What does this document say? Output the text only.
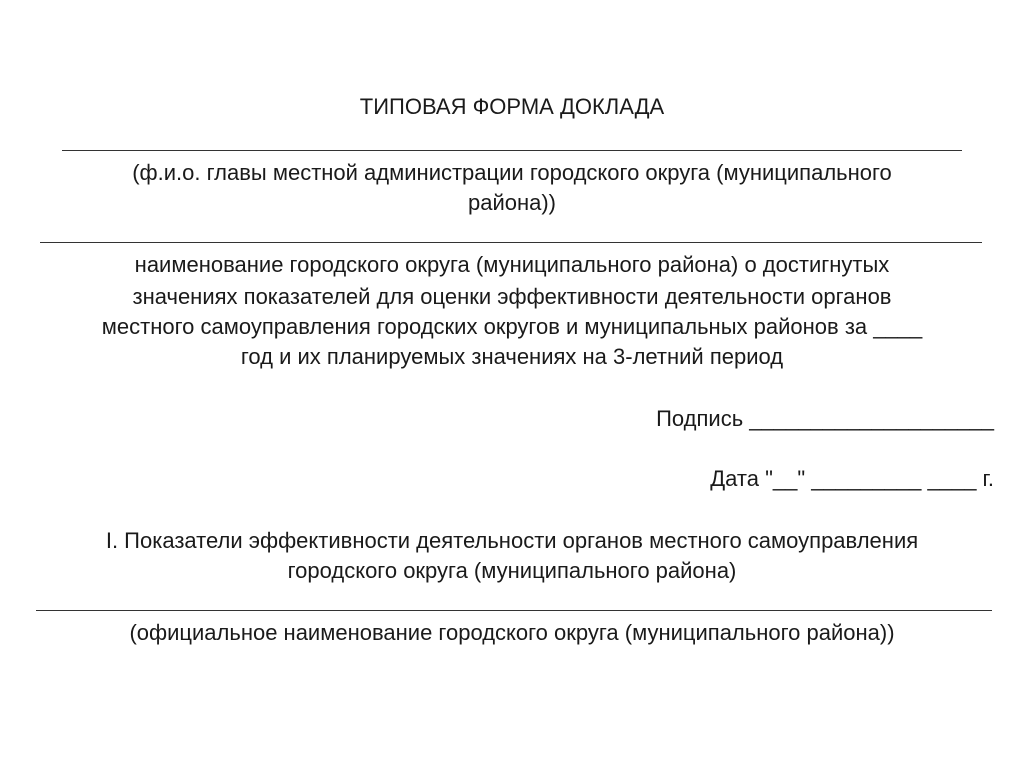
ТИПОВАЯ ФОРМА ДОКЛАДА
(ф.и.о. главы местной администрации городского округа (муниципального
района))
наименование городского округа (муниципального района) о достигнутых
значениях показателей для оценки эффективности деятельности органов
местного самоуправления городских округов и муниципальных районов за ____
год и их планируемых значениях на 3-летний период
Подпись ____________________
Дата "__" _________ ____ г.
I. Показатели эффективности деятельности органов местного самоуправления
городского округа (муниципального района)
(официальное наименование городского округа (муниципального района))
